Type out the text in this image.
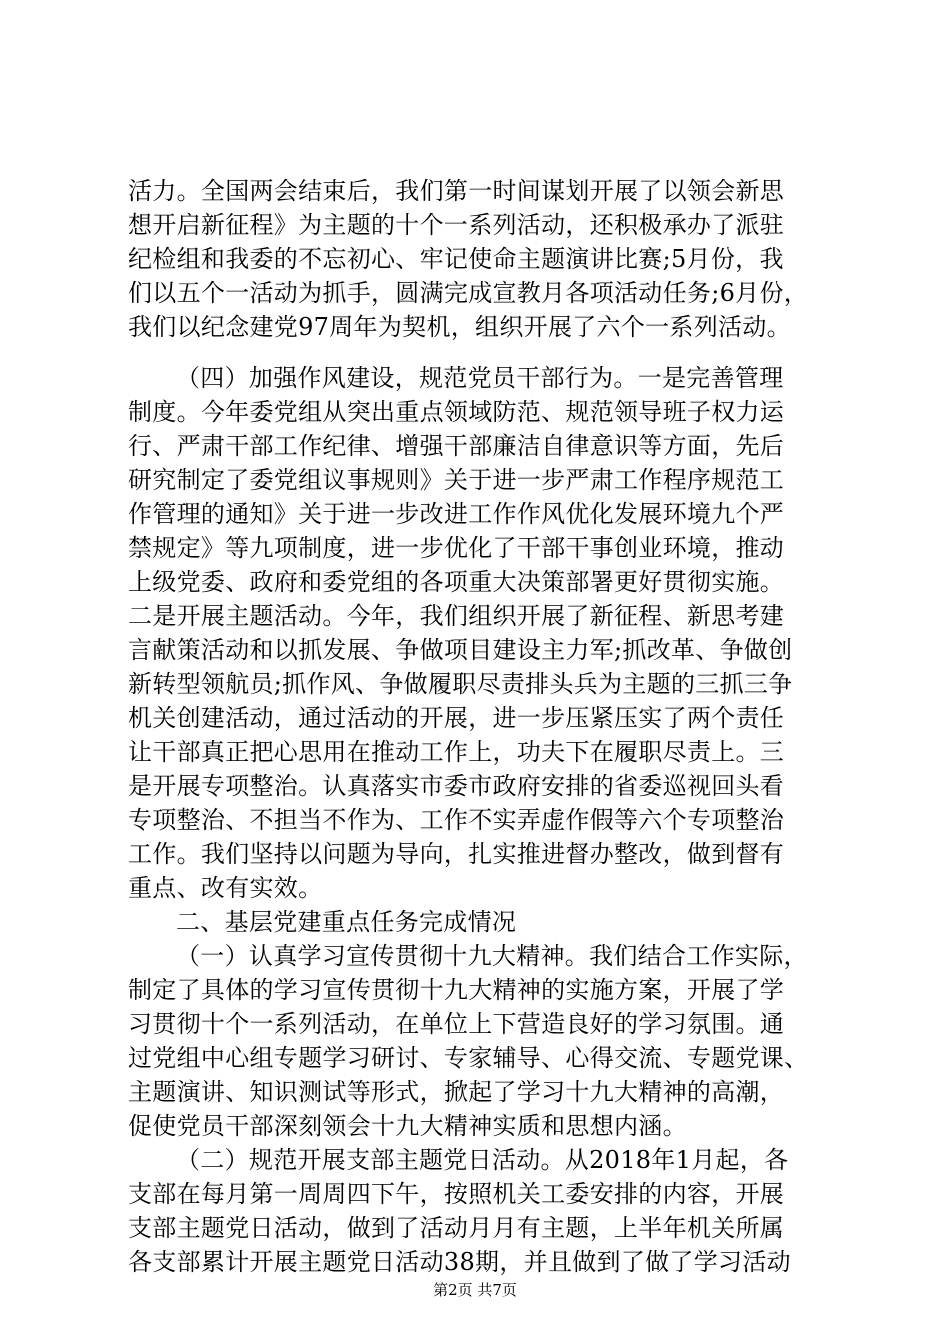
活力。全国两会结束后，我们第一时间谋划开展了以领会新思
想开启新征程》为主题的十个一系列活动，还积极承办了派驻
纪检组和我委的不忘初心、牢记使命主题演讲比赛;5月份，我
们以五个一活动为抓手，圆满完成宣教月各项活动任务;6月份，
我们以纪念建党97周年为契机，组织开展了六个一系列活动。
（四）加强作风建设，规范党员干部行为。一是完善管理
制度。今年委党组从突出重点领域防范、规范领导班子权力运
行、严肃干部工作纪律、增强干部廉洁自律意识等方面，先后
研究制定了委党组议事规则》关于进一步严肃工作程序规范工
作管理的通知》关于进一步改进工作作风优化发展环境九个严
禁规定》等九项制度，进一步优化了干部干事创业环境，推动
上级党委、政府和委党组的各项重大决策部署更好贯彻实施。
二是开展主题活动。今年，我们组织开展了新征程、新思考建
言献策活动和以抓发展、争做项目建设主力军;抓改革、争做创
新转型领航员;抓作风、争做履职尽责排头兵为主题的三抓三争
机关创建活动，通过活动的开展，进一步压紧压实了两个责任
让干部真正把心思用在推动工作上，功夫下在履职尽责上。三
是开展专项整治。认真落实市委市政府安排的省委巡视回头看
专项整治、不担当不作为、工作不实弄虚作假等六个专项整治
工作。我们坚持以问题为导向，扎实推进督办整改，做到督有
重点、改有实效。
二、基层党建重点任务完成情况
（一）认真学习宣传贯彻十九大精神。我们结合工作实际，
制定了具体的学习宣传贯彻十九大精神的实施方案，开展了学
习贯彻十个一系列活动，在单位上下营造良好的学习氛围。通
过党组中心组专题学习研讨、专家辅导、心得交流、专题党课、
主题演讲、知识测试等形式，掀起了学习十九大精神的高潮，
促使党员干部深刻领会十九大精神实质和思想内涵。
（二）规范开展支部主题党日活动。从2018年1月起，各
支部在每月第一周周四下午，按照机关工委安排的内容，开展
支部主题党日活动，做到了活动月月有主题，上半年机关所属
各支部累计开展主题党日活动38期，并且做到了做了学习活动
第2页 共7页
